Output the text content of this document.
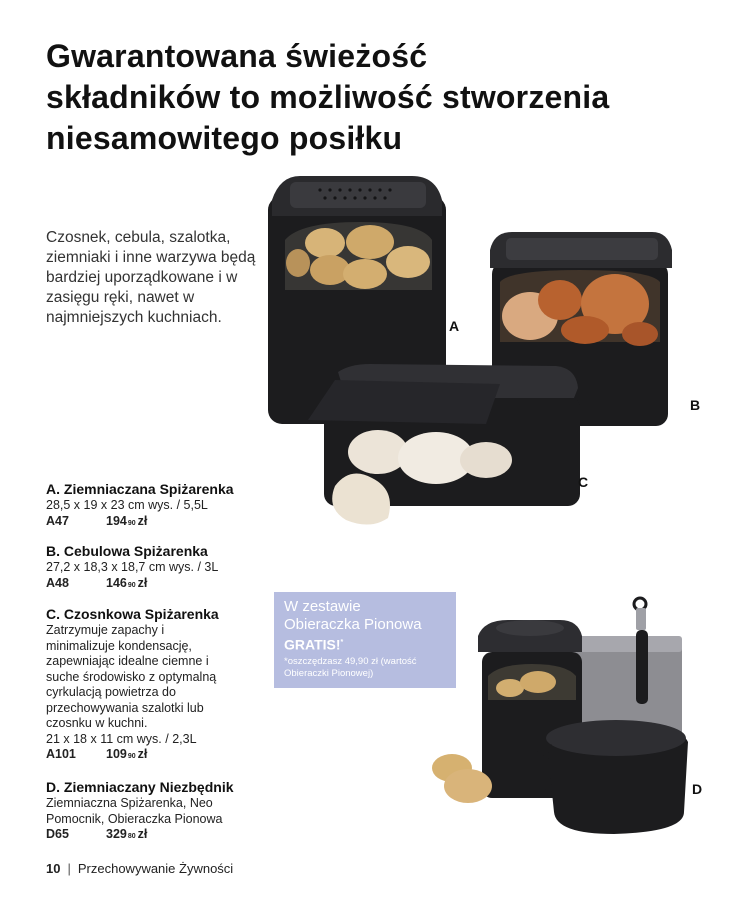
Gwarantowana świeżość
składników to możliwość stworzenia
niesamowitego posiłku
Czosnek, cebula, szalotka, ziemniaki i inne warzywa będą bardziej uporządkowane i w zasięgu ręki, nawet w najmniejszych kuchniach.	A
B
C
D
A. Ziemniaczana Spiżarenka
28,5 x 19 x 23 cm wys. / 5,5L
A47	194 90 zł
B. Cebulowa Spiżarenka
27,2 x 18,3 x 18,7 cm wys. / 3L
A48	146 90 zł
C. Czosnkowa Spiżarenka
Zatrzymuje zapachy i
minimalizuje kondensację,
zapewniając idealne ciemne i
suche środowisko z optymalną
cyrkulacją powietrza do
przechowywania szalotki lub
czosnku w kuchni.
21 x 18 x 11 cm wys. / 2,3L
A101	109 90 zł
D. Ziemniaczany Niezbędnik
Ziemniaczna Spiżarenka, Neo
Pomocnik, Obieraczka Pionowa
D65	329 80 zł
W zestawie
Obieraczka Pionowa
GRATIS!*
*oszczędzasz 49,90 zł (wartość Obieraczki Pionowej)
10 | Przechowywanie Żywności
